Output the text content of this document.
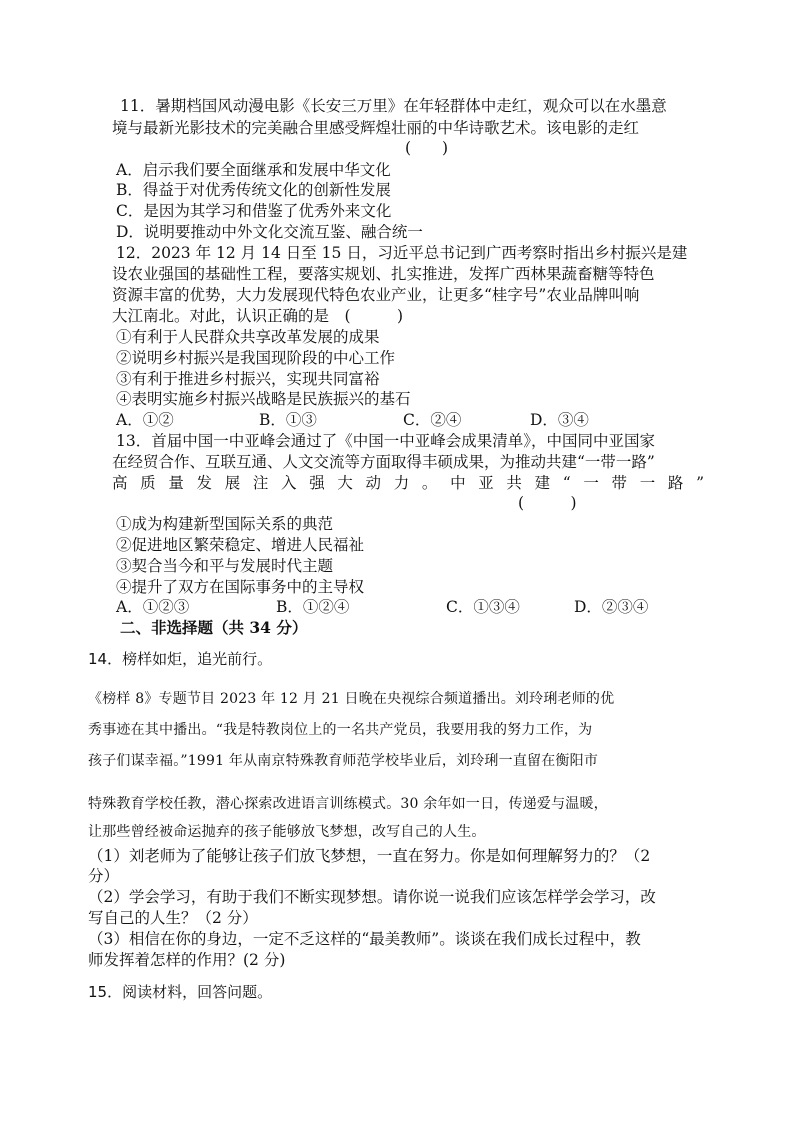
11．暑期档国风动漫电影《长安三万里》在年轻群体中走红，观众可以在水墨意
境与最新光影技术的完美融合里感受辉煌壮丽的中华诗歌艺术。该电影的走红
(　　)
A．启示我们要全面继承和发展中华文化
B．得益于对优秀传统文化的创新性发展
C．是因为其学习和借鉴了优秀外来文化
D．说明要推动中外文化交流互鉴、融合统一
12．2023 年 12 月 14 日至 15 日，习近平总书记到广西考察时指出乡村振兴是建
设农业强国的基础性工程，要落实规划、扎实推进，发挥广西林果蔬畜糖等特色
资源丰富的优势，大力发展现代特色农业产业，让更多“桂字号”农业品牌叫响
大江南北。对此，认识正确的是　(　　　)
①有利于人民群众共享改革发展的成果
②说明乡村振兴是我国现阶段的中心工作
③有利于推进乡村振兴，实现共同富裕
④表明实施乡村振兴战略是民族振兴的基石
A．①②	B．①③	C．②④	D．③④
13．首届中国一中亚峰会通过了《中国一中亚峰会成果清单》，中国同中亚国家
在经贸合作、互联互通、人文交流等方面取得丰硕成果，为推动共建“一带一路”
高质量发展注入强大动力。中亚共建“一带一路”
(　　　)
①成为构建新型国际关系的典范
②促进地区繁荣稳定、增进人民福祉
③契合当今和平与发展时代主题
④提升了双方在国际事务中的主导权
A．①②③	B．①②④	C．①③④	D．②③④
二、非选择题（共 34 分）
14．榜样如炬，追光前行。
《榜样 8》专题节目 2023 年 12 月 21 日晚在央视综合频道播出。刘玲琍老师的优
秀事迹在其中播出。“我是特教岗位上的一名共产党员，我要用我的努力工作，为
孩子们谋幸福。”1991 年从南京特殊教育师范学校毕业后，刘玲琍一直留在衡阳市
特殊教育学校任教，潜心探索改进语言训练模式。30 余年如一日，传递爱与温暖，
让那些曾经被命运抛弃的孩子能够放飞梦想，改写自己的人生。
（1）刘老师为了能够让孩子们放飞梦想，一直在努力。你是如何理解努力的？（2
分）
（2）学会学习，有助于我们不断实现梦想。请你说一说我们应该怎样学会学习，改
写自己的人生？（2 分）
（3）相信在你的身边，一定不乏这样的“最美教师”。谈谈在我们成长过程中，教
师发挥着怎样的作用？(2 分)
15．阅读材料，回答问题。
